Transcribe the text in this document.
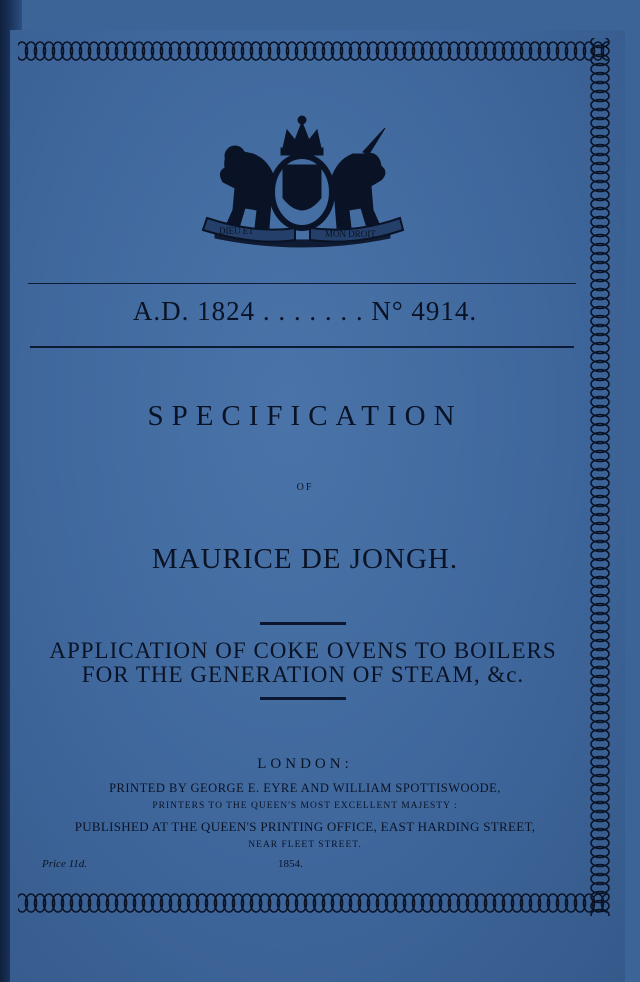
DIEU ET	MON DROIT

A.D. 1824 . . . . . . . N° 4914.

SPECIFICATION

OF

MAURICE DE JONGH.

APPLICATION OF COKE OVENS TO BOILERS

FOR THE GENERATION OF STEAM, &c.

LONDON:

PRINTED BY GEORGE E. EYRE AND WILLIAM SPOTTISWOODE,

PRINTERS TO THE QUEEN'S MOST EXCELLENT MAJESTY :

PUBLISHED AT THE QUEEN'S PRINTING OFFICE, EAST HARDING STREET,

NEAR FLEET STREET.

Price 11d.	1854.
